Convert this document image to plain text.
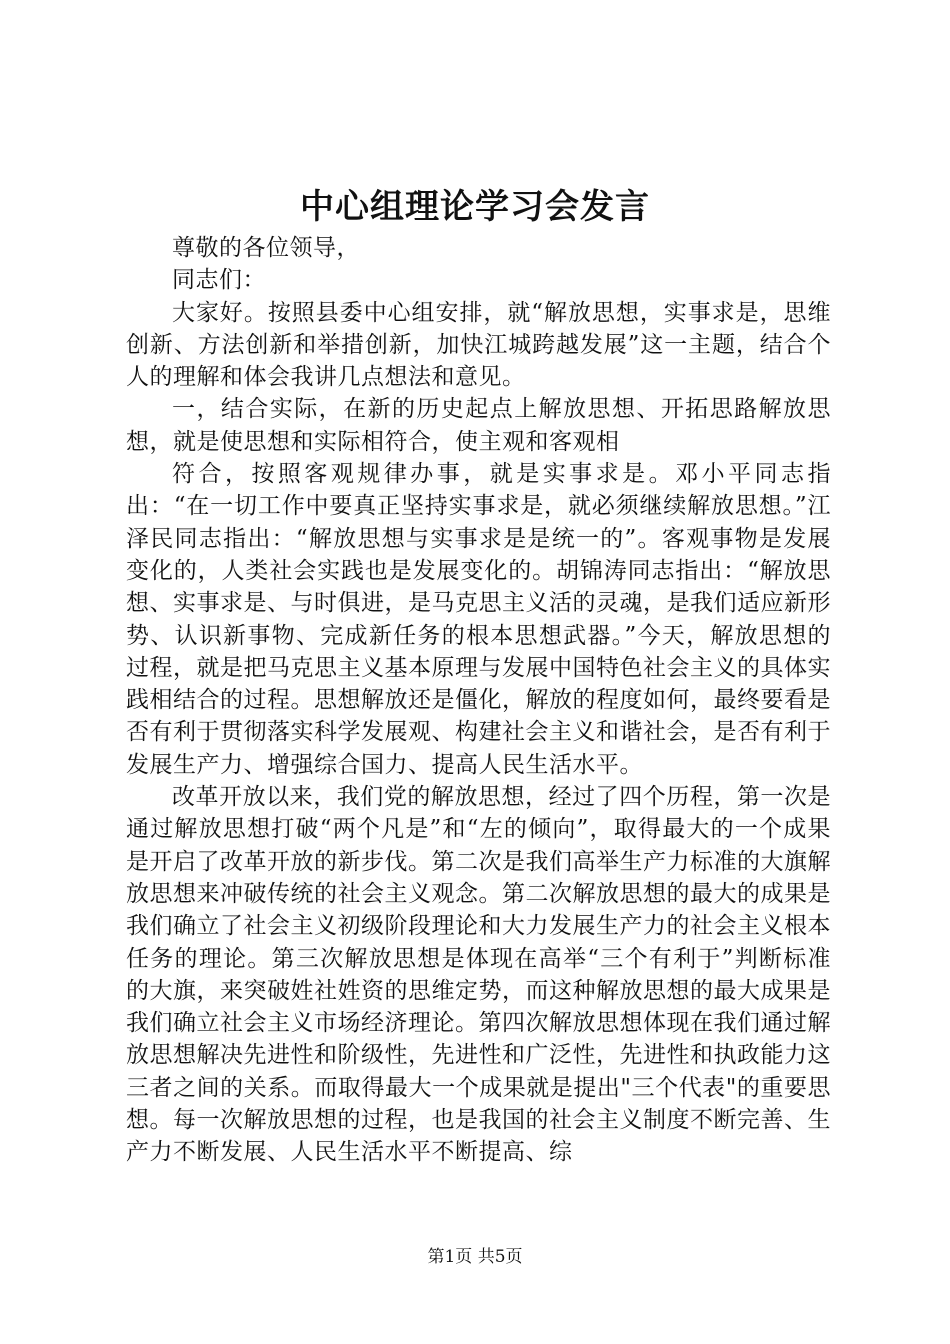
中心组理论学习会发言

尊敬的各位领导，

同志们：

大家好。按照县委中心组安排，就“解放思想，实事求是，思维创新、方法创新和举措创新，加快江城跨越发展”这一主题，结合个人的理解和体会我讲几点想法和意见。

一，结合实际，在新的历史起点上解放思想、开拓思路解放思想，就是使思想和实际相符合，使主观和客观相

符合，按照客观规律办事，就是实事求是。邓小平同志指出：“在一切工作中要真正坚持实事求是，就必须继续解放思想。”江泽民同志指出：“解放思想与实事求是是统一的”。客观事物是发展变化的，人类社会实践也是发展变化的。胡锦涛同志指出：“解放思想、实事求是、与时俱进，是马克思主义活的灵魂，是我们适应新形势、认识新事物、完成新任务的根本思想武器。”今天，解放思想的过程，就是把马克思主义基本原理与发展中国特色社会主义的具体实践相结合的过程。思想解放还是僵化，解放的程度如何，最终要看是否有利于贯彻落实科学发展观、构建社会主义和谐社会，是否有利于发展生产力、增强综合国力、提高人民生活水平。

改革开放以来，我们党的解放思想，经过了四个历程，第一次是通过解放思想打破“两个凡是”和“左的倾向”，取得最大的一个成果是开启了改革开放的新步伐。第二次是我们高举生产力标准的大旗解放思想来冲破传统的社会主义观念。第二次解放思想的最大的成果是我们确立了社会主义初级阶段理论和大力发展生产力的社会主义根本任务的理论。第三次解放思想是体现在高举“三个有利于”判断标准的大旗，来突破姓社姓资的思维定势，而这种解放思想的最大成果是我们确立社会主义市场经济理论。第四次解放思想体现在我们通过解放思想解决先进性和阶级性，先进性和广泛性，先进性和执政能力这三者之间的关系。而取得最大一个成果就是提出"三个代表"的重要思想。每一次解放思想的过程，也是我国的社会主义制度不断完善、生产力不断发展、人民生活水平不断提高、综

第1页 共5页
